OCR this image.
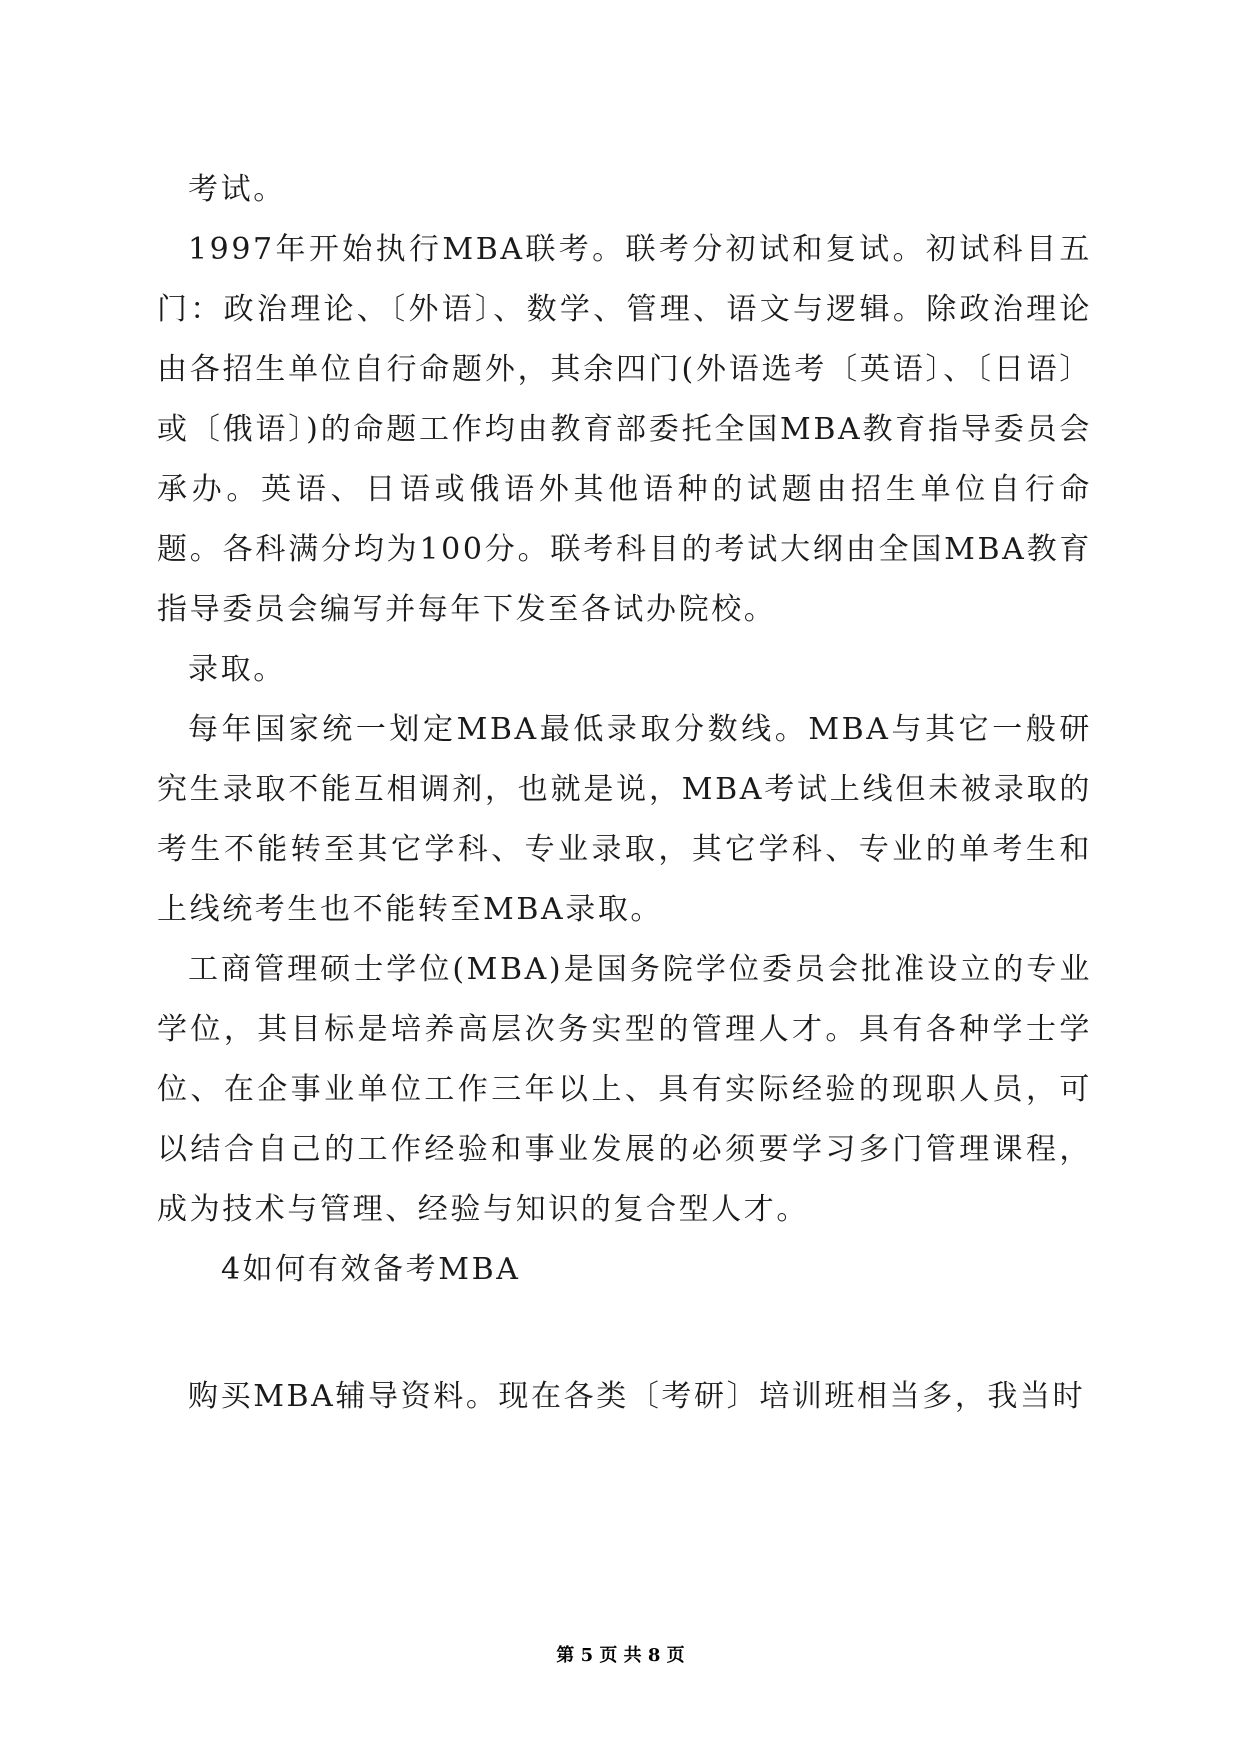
考试。

1997年开始执行MBA联考。联考分初试和复试。初试科目五门：政治理论、〔外语〕、数学、管理、语文与逻辑。除政治理论由各招生单位自行命题外，其余四门(外语选考〔英语〕、〔日语〕或〔俄语〕)的命题工作均由教育部委托全国MBA教育指导委员会承办。英语、日语或俄语外其他语种的试题由招生单位自行命题。各科满分均为100分。联考科目的考试大纲由全国MBA教育指导委员会编写并每年下发至各试办院校。

录取。

每年国家统一划定MBA最低录取分数线。MBA与其它一般研究生录取不能互相调剂，也就是说，MBA考试上线但未被录取的考生不能转至其它学科、专业录取，其它学科、专业的单考生和上线统考生也不能转至MBA录取。

工商管理硕士学位(MBA)是国务院学位委员会批准设立的专业学位，其目标是培养高层次务实型的管理人才。具有各种学士学位、在企事业单位工作三年以上、具有实际经验的现职人员，可以结合自己的工作经验和事业发展的必须要学习多门管理课程，成为技术与管理、经验与知识的复合型人才。

4如何有效备考MBA

购买MBA辅导资料。现在各类〔考研〕培训班相当多，我当时

第 5 页 共 8 页
